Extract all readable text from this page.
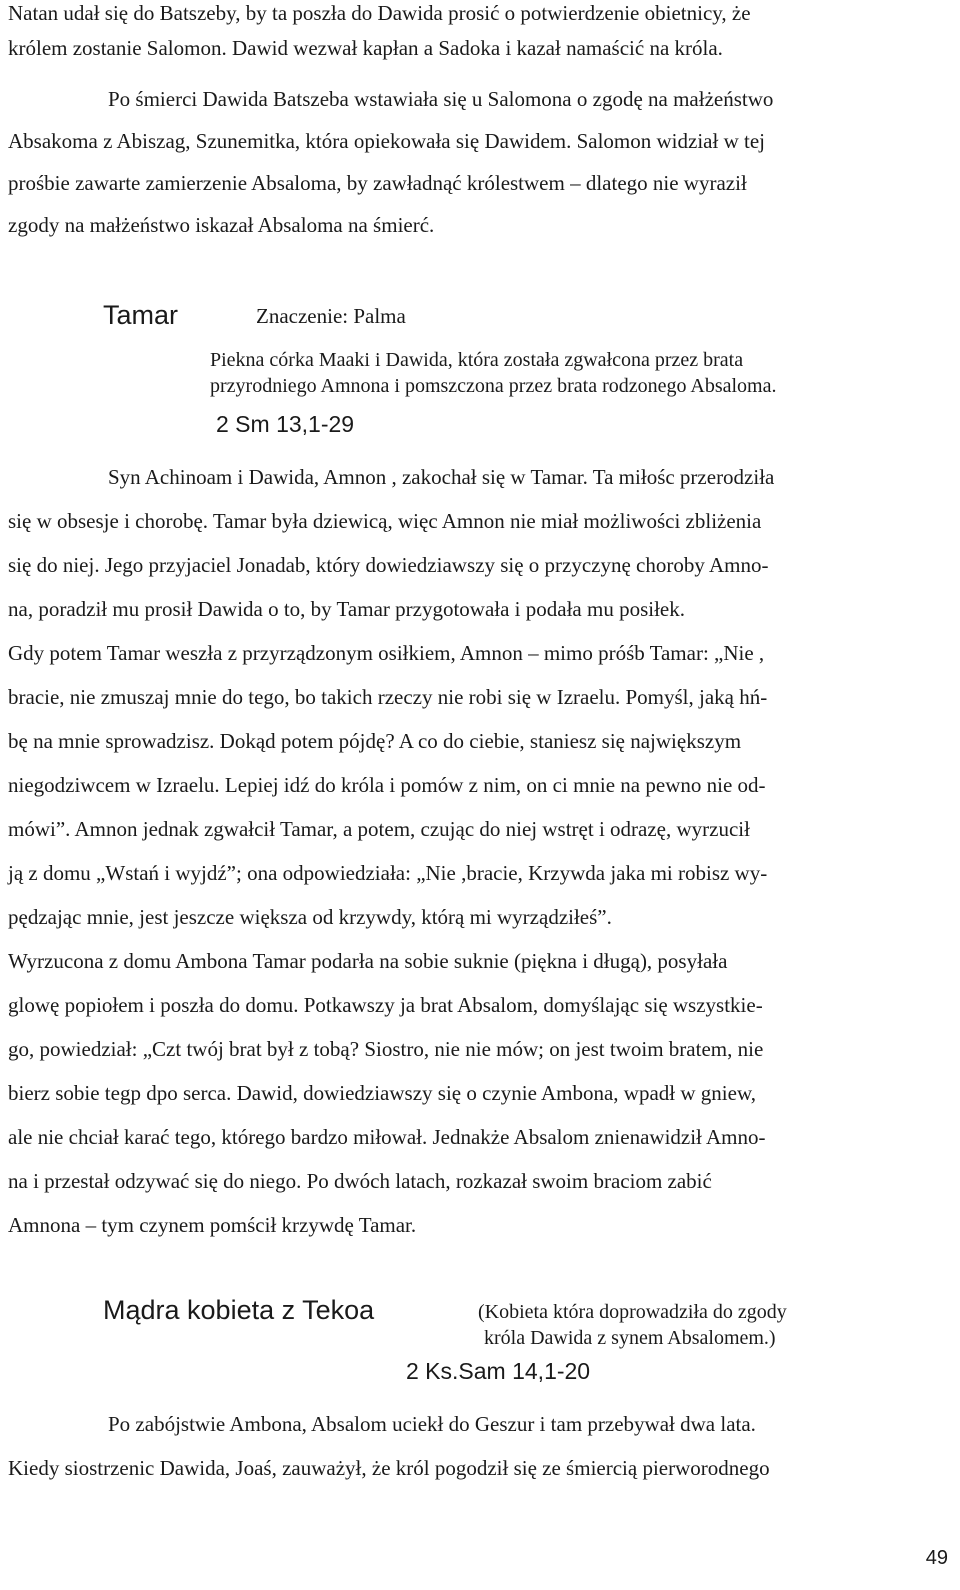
Natan udał się do Batszeby, by ta poszła do Dawida prosić o potwierdzenie obietnicy, że

królem zostanie Salomon. Dawid wezwał kapłan a Sadoka i kazał namaścić na króla.

Po śmierci Dawida Batszeba wstawiała się u Salomona o zgodę na małżeństwo

Absakoma z Abiszag, Szunemitka, która opiekowała się Dawidem. Salomon widział w tej

prośbie zawarte zamierzenie Absaloma, by zawładnąć królestwem – dlatego nie wyraził

zgody na małżeństwo iskazał Absaloma na śmierć.

Tamar	Znaczenie: Palma
Piekna córka Maaki i Dawida, która została zgwałcona przez brata
przyrodniego Amnona i pomszczona przez brata rodzonego Absaloma.
2 Sm 13,1-29

Syn Achinoam i Dawida, Amnon , zakochał się w Tamar. Ta miłośc przerodziła

się w obsesje i chorobę. Tamar była dziewicą, więc Amnon nie miał możliwości zbliżenia

się do niej. Jego przyjaciel Jonadab, który dowiedziawszy się o przyczynę choroby Amno-

na, poradził mu prosił Dawida o to, by Tamar przygotowała i podała mu posiłek.

Gdy potem Tamar weszła z przyrządzonym osiłkiem, Amnon – mimo próśb Tamar: „Nie ,

bracie, nie zmuszaj mnie do tego, bo takich rzeczy nie robi się w Izraelu. Pomyśl, jaką hń-

bę na mnie sprowadzisz. Dokąd potem pójdę? A co do ciebie, staniesz się największym

niegodziwcem w Izraelu. Lepiej idź do króla i pomów z nim, on ci mnie na pewno nie od-

mówi”. Amnon jednak zgwałcił Tamar, a potem, czując do niej wstręt i odrazę, wyrzucił

ją z domu „Wstań i wyjdź”; ona odpowiedziała: „Nie ,bracie, Krzywda jaka mi robisz wy-

pędzając mnie, jest jeszcze większa od krzywdy, którą mi wyrządziłeś”.

Wyrzucona z domu Ambona Tamar podarła na sobie suknie (piękna i długą), posyłała

glowę popiołem i poszła do domu. Potkawszy ja brat Absalom, domyślając się wszystkie-

go, powiedział: „Czt twój brat był z tobą? Siostro, nie nie mów; on jest twoim bratem, nie

bierz sobie tegp dpo serca. Dawid, dowiedziawszy się o czynie Ambona, wpadł w gniew,

ale nie chciał karać tego, którego bardzo miłował. Jednakże Absalom znienawidził Amno-

na i przestał odzywać się do niego. Po dwóch latach, rozkazał swoim braciom zabić

Amnona – tym czynem pomścił krzywdę Tamar.

Mądra kobieta z Tekoa	(Kobieta która doprowadziła do zgody
króla Dawida z synem Absalomem.)
2 Ks.Sam 14,1-20

Po zabójstwie Ambona, Absalom uciekł do Geszur i tam przebywał dwa lata.

Kiedy siostrzenic Dawida, Joaś, zauważył, że król pogodził się ze śmiercią pierworodnego

49
